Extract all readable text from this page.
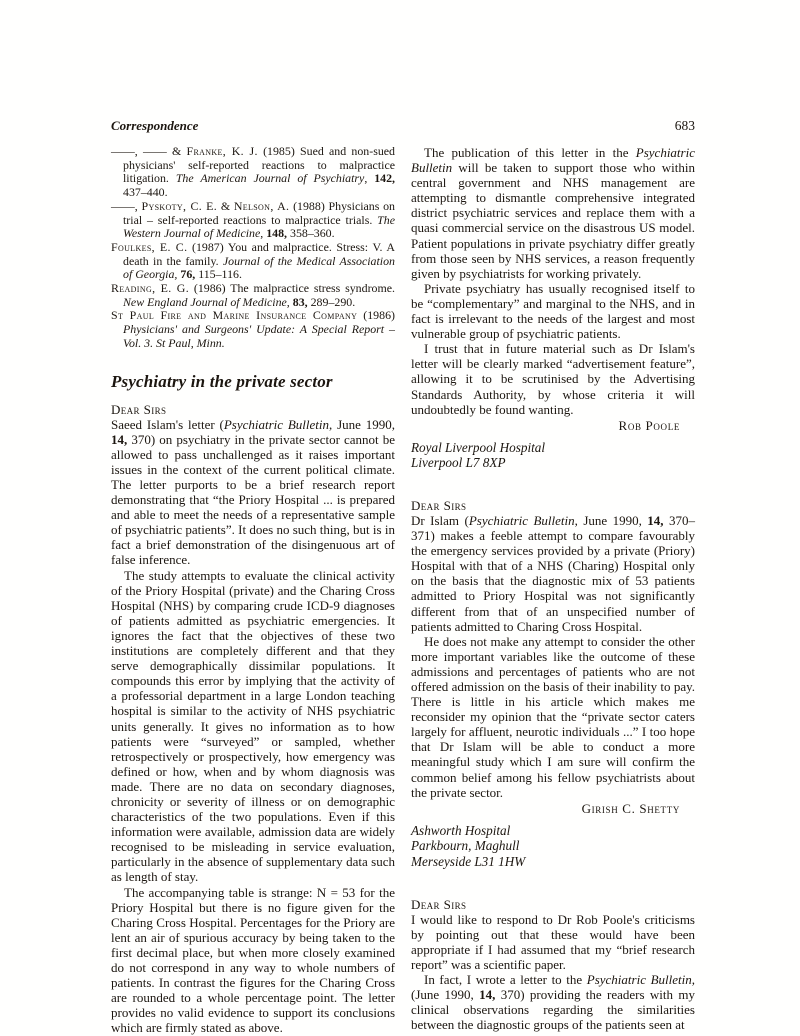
Correspondence	683

——, —— & Franke, K. J. (1985) Sued and non-sued physicians' self-reported reactions to malpractice litigation. The American Journal of Psychiatry, 142, 437–440.

——, Pyskoty, C. E. & Nelson, A. (1988) Physicians on trial – self-reported reactions to malpractice trials. The Western Journal of Medicine, 148, 358–360.

Foulkes, E. C. (1987) You and malpractice. Stress: V. A death in the family. Journal of the Medical Association of Georgia, 76, 115–116.

Reading, E. G. (1986) The malpractice stress syndrome. New England Journal of Medicine, 83, 289–290.

St Paul Fire and Marine Insurance Company (1986) Physicians' and Surgeons' Update: A Special Report – Vol. 3. St Paul, Minn.

Psychiatry in the private sector

Dear Sirs

Saeed Islam's letter (Psychiatric Bulletin, June 1990, 14, 370) on psychiatry in the private sector cannot be allowed to pass unchallenged as it raises important issues in the context of the current political climate. The letter purports to be a brief research report demonstrating that “the Priory Hospital ... is prepared and able to meet the needs of a representative sample of psychiatric patients”. It does no such thing, but is in fact a brief demonstration of the disingenuous art of false inference.

The study attempts to evaluate the clinical activity of the Priory Hospital (private) and the Charing Cross Hospital (NHS) by comparing crude ICD-9 diagnoses of patients admitted as psychiatric emergencies. It ignores the fact that the objectives of these two institutions are completely different and that they serve demographically dissimilar populations. It compounds this error by implying that the activity of a professorial department in a large London teaching hospital is similar to the activity of NHS psychiatric units generally. It gives no information as to how patients were “surveyed” or sampled, whether retrospectively or prospectively, how emergency was defined or how, when and by whom diagnosis was made. There are no data on secondary diagnoses, chronicity or severity of illness or on demographic characteristics of the two populations. Even if this information were available, admission data are widely recognised to be misleading in service evaluation, particularly in the absence of supplementary data such as length of stay.

The accompanying table is strange: N = 53 for the Priory Hospital but there is no figure given for the Charing Cross Hospital. Percentages for the Priory are lent an air of spurious accuracy by being taken to the first decimal place, but when more closely examined do not correspond in any way to whole numbers of patients. In contrast the figures for the Charing Cross are rounded to a whole percentage point. The letter provides no valid evidence to support its conclusions which are firmly stated as above.

The publication of this letter in the Psychiatric Bulletin will be taken to support those who within central government and NHS management are attempting to dismantle comprehensive integrated district psychiatric services and replace them with a quasi commercial service on the disastrous US model. Patient populations in private psychiatry differ greatly from those seen by NHS services, a reason frequently given by psychiatrists for working privately.

Private psychiatry has usually recognised itself to be “complementary” and marginal to the NHS, and in fact is irrelevant to the needs of the largest and most vulnerable group of psychiatric patients.

I trust that in future material such as Dr Islam's letter will be clearly marked “advertisement feature”, allowing it to be scrutinised by the Advertising Standards Authority, by whose criteria it will undoubtedly be found wanting.

Rob Poole

Royal Liverpool Hospital

Liverpool L7 8XP

Dear Sirs

Dr Islam (Psychiatric Bulletin, June 1990, 14, 370–371) makes a feeble attempt to compare favourably the emergency services provided by a private (Priory) Hospital with that of a NHS (Charing) Hospital only on the basis that the diagnostic mix of 53 patients admitted to Priory Hospital was not significantly different from that of an unspecified number of patients admitted to Charing Cross Hospital.

He does not make any attempt to consider the other more important variables like the outcome of these admissions and percentages of patients who are not offered admission on the basis of their inability to pay. There is little in his article which makes me reconsider my opinion that the “private sector caters largely for affluent, neurotic individuals ...” I too hope that Dr Islam will be able to conduct a more meaningful study which I am sure will confirm the common belief among his fellow psychiatrists about the private sector.

Girish C. Shetty

Ashworth Hospital

Parkbourn, Maghull

Merseyside L31 1HW

Dear Sirs

I would like to respond to Dr Rob Poole's criticisms by pointing out that these would have been appropriate if I had assumed that my “brief research report” was a scientific paper.

In fact, I wrote a letter to the Psychiatric Bulletin, (June 1990, 14, 370) providing the readers with my clinical observations regarding the similarities between the diagnostic groups of the patients seen at
